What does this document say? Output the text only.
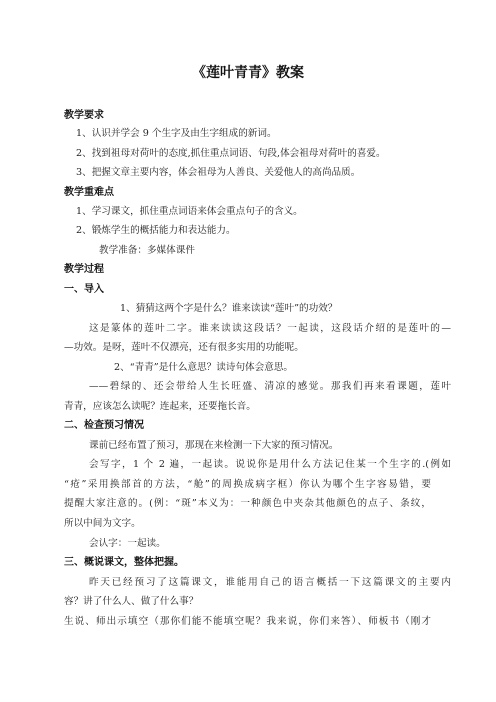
《莲叶青青》教案
教学要求
1、认识并学会 9 个生字及由生字组成的新词。
2、找到祖母对荷叶的态度,抓住重点词语、句段,体会祖母对荷叶的喜爱。
3、把握文章主要内容，体会祖母为人善良、关爱他人的高尚品质。
教学重难点
1、学习课文，抓住重点词语来体会重点句子的含义。
2、锻炼学生的概括能力和表达能力。
教学准备：多媒体课件
教学过程
一、导入
1、猜猜这两个字是什么？谁来读读“莲叶”的功效？
这是篆体的莲叶二字。谁来读读这段话？一起读，这段话介绍的是莲叶的—
—功效。是呀，莲叶不仅漂亮，还有很多实用的功能呢。
2、“青青”是什么意思？读诗句体会意思。
——碧绿的、还会带给人生长旺盛、清凉的感觉。那我们再来看课题，莲叶
青青，应该怎么读呢？连起来，还要拖长音。
二、检查预习情况
课前已经布置了预习，那现在来检测一下大家的预习情况。
会写字，1 个 2 遍，一起读。说说你是用什么方法记住某一个生字的.(例如
“疮”采用换部首的方法，“舱”的周换成病字框）你认为哪个生字容易错，要
提醒大家注意的。(例：“斑”本义为：一种颜色中夹杂其他颜色的点子、条纹，
所以中间为文字。
会认字：一起读。
三、概说课文，整体把握。
昨天已经预习了这篇课文，谁能用自己的语言概括一下这篇课文的主要内
容？讲了什么人、做了什么事？
生说、师出示填空（那你们能不能填空呢？我来说，你们来答）、师板书（刚才
